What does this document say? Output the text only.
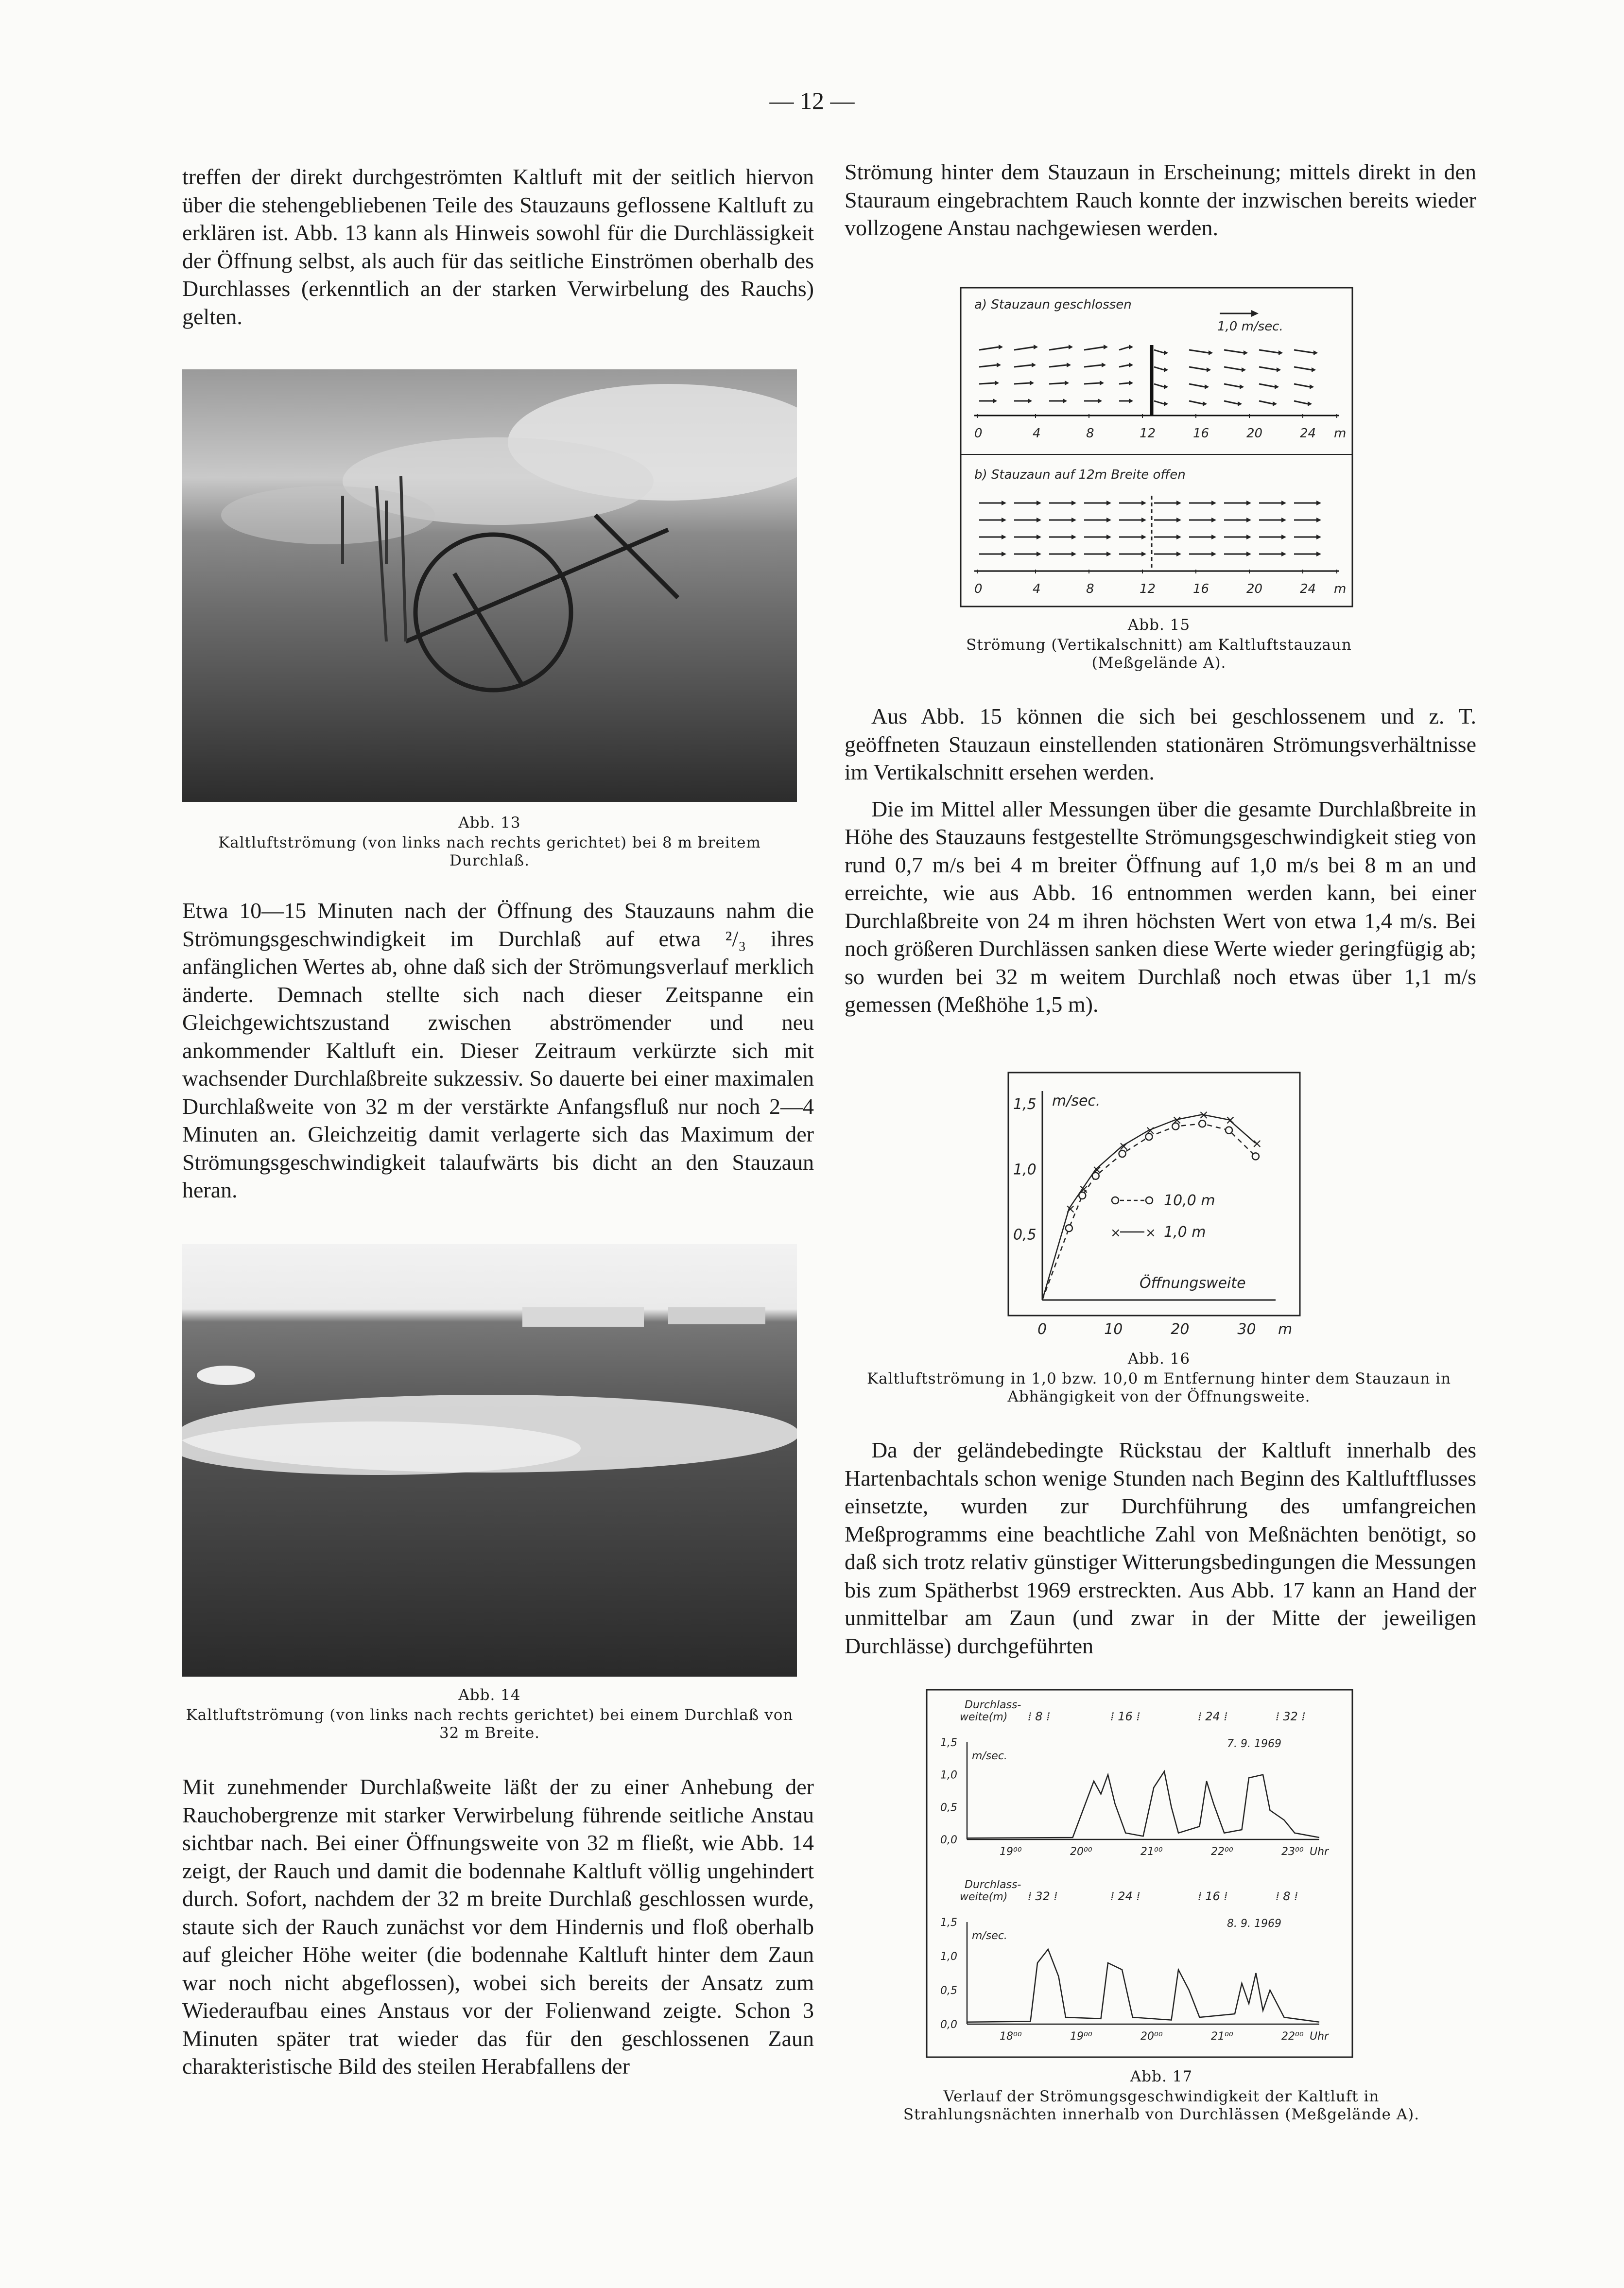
— 12 —

treffen der direkt durchgeströmten Kaltluft mit der seitlich hiervon über die stehengebliebenen Teile des Stauzauns geflossene Kaltluft zu erklären ist. Abb. 13 kann als Hinweis sowohl für die Durchlässigkeit der Öffnung selbst, als auch für das seitliche Einströmen oberhalb des Durchlasses (erkenntlich an der starken Verwirbelung des Rauchs) gelten.

Abb. 13
Kaltluftströmung (von links nach rechts gerichtet) bei 8 m breitem Durchlaß.

Etwa 10—15 Minuten nach der Öffnung des Stauzauns nahm die Strömungsgeschwindigkeit im Durchlaß auf etwa ²/₃ ihres anfänglichen Wertes ab, ohne daß sich der Strömungsverlauf merklich änderte. Demnach stellte sich nach dieser Zeitspanne ein Gleichgewichtszustand zwischen abströmender und neu ankommender Kaltluft ein. Dieser Zeitraum verkürzte sich mit wachsender Durchlaßbreite sukzessiv. So dauerte bei einer maximalen Durchlaßweite von 32 m der verstärkte Anfangsfluß nur noch 2—4 Minuten an. Gleichzeitig damit verlagerte sich das Maximum der Strömungsgeschwindigkeit talaufwärts bis dicht an den Stauzaun heran.

Abb. 14
Kaltluftströmung (von links nach rechts gerichtet) bei einem Durchlaß von 32 m Breite.

Mit zunehmender Durchlaßweite läßt der zu einer Anhebung der Rauchobergrenze mit starker Verwirbelung führende seitliche Anstau sichtbar nach. Bei einer Öffnungsweite von 32 m fließt, wie Abb. 14 zeigt, der Rauch und damit die bodennahe Kaltluft völlig ungehindert durch. Sofort, nachdem der 32 m breite Durchlaß geschlossen wurde, staute sich der Rauch zunächst vor dem Hindernis und floß oberhalb auf gleicher Höhe weiter (die bodennahe Kaltluft hinter dem Zaun war noch nicht abgeflossen), wobei sich bereits der Ansatz zum Wiederaufbau eines Anstaus vor der Folienwand zeigte. Schon 3 Minuten später trat wieder das für den geschlossenen Zaun charakteristische Bild des steilen Herabfallens der

Strömung hinter dem Stauzaun in Erscheinung; mittels direkt in den Stauraum eingebrachtem Rauch konnte der inzwischen bereits wieder vollzogene Anstau nachgewiesen werden.

a) Stauzaun geschlossen
1,0 m/sec.
0	4	8	12	16	20	24 m
b) Stauzaun auf 12m Breite offen
0	4	8	12	16	20	24 m
Abb. 15
Strömung (Vertikalschnitt) am Kaltluftstauzaun (Meßgelände A).

Aus Abb. 15 können die sich bei geschlossenem und z. T. geöffneten Stauzaun einstellenden stationären Strömungsverhältnisse im Vertikalschnitt ersehen werden.

Die im Mittel aller Messungen über die gesamte Durchlaßbreite in Höhe des Stauzauns festgestellte Strömungsgeschwindigkeit stieg von rund 0,7 m/s bei 4 m breiter Öffnung auf 1,0 m/s bei 8 m an und erreichte, wie aus Abb. 16 entnommen werden kann, bei einer Durchlaßbreite von 24 m ihren höchsten Wert von etwa 1,4 m/s. Bei noch größeren Durchlässen sanken diese Werte wieder geringfügig ab; so wurden bei 32 m weitem Durchlaß noch etwas über 1,1 m/s gemessen (Meßhöhe 1,5 m).

m/sec.
Öffnungsweite
0,5
1,0
1,5
0	10	20	30 m
10,0 m
×
×
×
×
×
× × ×
×
× × 1,0 m
Abb. 16
Kaltluftströmung in 1,0 bzw. 10,0 m Entfernung hinter dem Stauzaun in Abhängigkeit von der Öffnungsweite.

Da der geländebedingte Rückstau der Kaltluft innerhalb des Hartenbachtals schon wenige Stunden nach Beginn des Kaltluftflusses einsetzte, wurden zur Durchführung des umfangreichen Meßprogramms eine beachtliche Zahl von Meßnächten benötigt, so daß sich trotz relativ günstiger Witterungsbedingungen die Messungen bis zum Spätherbst 1969 erstreckten. Aus Abb. 17 kann an Hand der unmittelbar am Zaun (und zwar in der Mitte der jeweiligen Durchlässe) durchgeführten

Durchlass-
weite(m) ⁞ 8 ⁞	⁞ 16 ⁞	⁞ 24 ⁞	⁞ 32 ⁞
7. 9. 1969
m/sec.
1,5
1,0
0,5
0,0
19⁰⁰	20⁰⁰	21⁰⁰	22⁰⁰	23⁰⁰ Uhr
Durchlass-
weite(m) ⁞ 32 ⁞	⁞ 24 ⁞	⁞ 16 ⁞	⁞ 8 ⁞
8. 9. 1969
m/sec.
1,5
1,0
0,5
0,0
18⁰⁰	19⁰⁰	20⁰⁰	21⁰⁰	22⁰⁰ Uhr
Abb. 17
Verlauf der Strömungsgeschwindigkeit der Kaltluft in Strahlungsnächten innerhalb von Durchlässen (Meßgelände A).
